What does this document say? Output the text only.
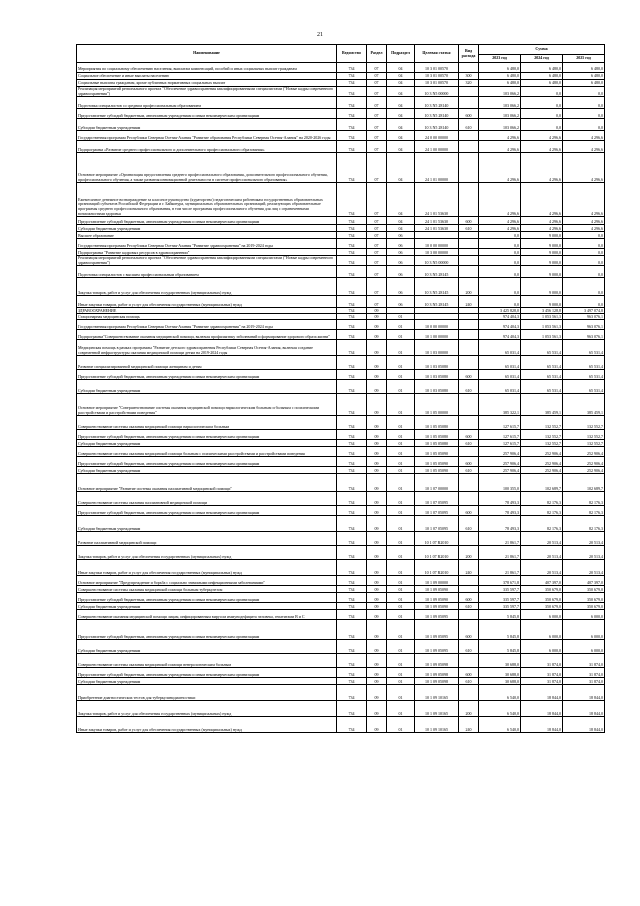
21
Наименование	Ведомство	Раздел	Подраздел	Целевая статья	Вид расхода	Сумма		
						2023 год	2024 год	2025 год
Мероприятия по социальному обеспечению населения, выплатам компенсаций, пособий и иных социальных выплат гражданам	734	07	04	10 3 01 00570		6 480,0	6 480,0	6 480,0
Социальное обеспечение и иные выплаты населению	734	07	04	10 3 01 00570	300	6 480,0	6 480,0	6 480,0
Социальные выплаты гражданам, кроме публичных нормативных социальных выплат	734	07	04	10 3 01 00570	320	6 480,0	6 480,0	6 480,0
Реализация мероприятий регионального проекта "Обеспечение здравоохранения квалифицированными специалистами ("Новые кадры современного здравоохранения")	734	07	04	10 3 N5 00000		103 066,2	0,0	0,0
Подготовка специалистов со средним профессиональным образованием	734	07	04	10 3 N5 28140		103 066,2	0,0	0,0
Предоставление субсидий бюджетным, автономным учреждениям и иным некоммерческим организациям	734	07	04	10 3 N5 28140	600	103 066,2	0,0	0,0
Субсидии бюджетным учреждениям	734	07	04	10 3 N5 28140	610	103 066,2	0,0	0,0
Государственная программа Республики Северная Осетия-Алания "Развитие образования Республики Северная Осетия-Алания" на 2020-2026 годы	734	07	04	24 0 00 00000		4 296,6	4 296,6	4 296,6
Подпрограмма «Развитие среднего профессионального и дополнительного профессионального образования»	734	07	04	24 1 00 00000		4 296,6	4 296,6	4 296,6
Основное мероприятие «Организация предоставления среднего профессионального образования, дополнительного профессионального обучения, профессионального обучения, а также развития инновационной деятельности в системе профессионального образования»	734	07	04	24 1 01 00000		4 296,6	4 296,6	4 296,6
Ежемесячное денежное вознаграждение за классное руководство (кураторство) педагогическим работникам государственных образовательных организаций субъектов Российской Федерации и г. Байконура, муниципальных образовательных организаций, реализующих образовательные программы среднего профессионального образования, в том числе программы профессионального обучения для лиц с ограниченными возможностями здоровья	734	07	04	24 1 01 53630		4 296,6	4 296,6	4 296,6
Предоставление субсидий бюджетным, автономным учреждениям и иным некоммерческим организациям	734	07	04	24 1 01 53630	600	4 296,6	4 296,6	4 296,6
Субсидии бюджетным учреждениям	734	07	04	24 1 01 53630	610	4 296,6	4 296,6	4 296,6
Высшее образование	734	07	06			0,0	9 000,0	0,0
Государственная программа Республики Северная Осетия-Алания "Развитие здравоохранения" на 2019-2024 годы	734	07	06	10 0 00 00000		0,0	9 000,0	0,0
Подпрограмма "Развитие кадровых ресурсов в здравоохранении"	734	07	06	10 3 00 00000		0,0	9 000,0	0,0
Реализация мероприятий регионального проекта "Обеспечение здравоохранения квалифицированными специалистами ("Новые кадры современного здравоохранения")	734	07	06	10 3 N5 00000		0,0	9 000,0	0,0
Подготовка специалистов с высшим профессиональным образованием	734	07	06	10 3 N5 28145		0,0	9 000,0	0,0
Закупка товаров, работ и услуг для обеспечения государственных (муниципальных) нужд	734	07	06	10 3 N5 28145	200	0,0	9 000,0	0,0
Иные закупки товаров, работ и услуг для обеспечения государственных (муниципальных) нужд	734	07	06	10 3 N5 28145	240	0,0	9 000,0	0,0
ЗДРАВООХРАНЕНИЕ	734	09				3 425 828,0	3 456 128,8	3 497 074,8
Стационарная медицинская помощь	734	09	01			974 404,3	1 053 561,3	963 076,1
Государственная программа Республики Северная Осетия-Алания "Развитие здравоохранения" на 2019-2024 годы	734	09	01	10 0 00 00000		974 404,3	1 053 561,3	963 076,1
Подпрограмма"Совершенствование оказания медицинской помощи, включая профилактику заболеваний и формирование здорового образа жизни"	734	09	01	10 1 00 00000		974 404,3	1 053 561,3	963 076,1
Медицинская помощь в рамках программы "Развитие детского здравоохранения Республики Северная Осетия-Алания, включая создание современной инфраструктуры оказания медицинской помощи детям на 2019-2024 годы	734	09	01	10 1 03 00000		65 031,4	65 531,4	65 531,4
Развитие специализированной медицинской помощи женщинам и детям	734	09	01	10 1 03 05080		65 031,4	65 531,4	65 531,4
Предоставление субсидий бюджетным, автономным учреждениям и иным некоммерческим организациям	734	09	01	10 1 03 05080	600	65 031,4	65 531,4	65 531,4
Субсидии бюджетным учреждениям	734	09	01	10 1 03 05080	610	65 031,4	65 531,4	65 531,4
Основное мероприятие "Совершенствование системы оказания медицинской помощи наркологическим больным и больным с психическими расстройствами и расстройствами поведения"	734	09	01	10 1 05 00000		385 322,1	385 459,1	385 459,1
Совершенствование системы оказания медицинской помощи наркологическим больным	734	09	01	10 1 05 05080		127 615,7	132 552,7	132 552,7
Предоставление субсидий бюджетным, автономным учреждениям и иным некоммерческим организациям	734	09	01	10 1 05 05080	600	127 615,7	132 552,7	132 552,7
Субсидии бюджетным учреждениям	734	09	01	10 1 05 05080	610	127 615,7	132 552,7	132 552,7
Совершенствование системы оказания медицинской помощи больным с психическими расстройствами и расстройствами поведения	734	09	01	10 1 05 05090		257 906,4	252 906,4	252 906,4
Предоставление субсидий бюджетным, автономным учреждениям и иным некоммерческим организациям	734	09	01	10 1 05 05090	600	257 906,4	252 906,4	252 906,4
Субсидии бюджетным учреждениям	734	09	01	10 1 05 05090	610	257 906,4	252 906,4	252 906,4
Основное мероприятие "Развитие системы оказания паллиативной медицинской помощи"	734	09	01	10 1 07 00000		100 355,0	102 689,7	102 689,7
Совершенствование системы оказания паллиативной медицинской помощи	734	09	01	10 1 07 05095		78 493,3	82 176,3	82 176,3
Предоставление субсидий бюджетным, автономным учреждениям и иным некоммерческим организациям	734	09	01	10 1 07 05095	600	78 493,3	82 176,3	82 176,3
Субсидии бюджетным учреждениям	734	09	01	10 1 07 05095	610	78 493,3	82 176,3	82 176,3
Развитие паллиативной медицинской помощи	734	09	01	10 1 07 R2010		21 861,7	20 513,4	20 513,4
Закупка товаров, работ и услуг для обеспечения государственных (муниципальных) нужд	734	09	01	10 1 07 R2010	200	21 861,7	20 513,4	20 513,4
Иные закупки товаров, работ и услуг для обеспечения государственных (муниципальных) нужд	734	09	01	10 1 07 R2010	240	21 861,7	20 513,4	20 513,4
Основное мероприятие "Предупреждение и борьба с социально значимыми инфекционными заболеваниями"	734	09	01	10 1 09 00000		378 671,8	407 397,0	407 397,0
Совершенствование системы оказания медицинской помощи больным туберкулезом	734	09	01	10 1 09 05090		335 597,7	350 679,0	350 679,0
Предоставление субсидий бюджетным, автономным учреждениям и иным некоммерческим организациям	734	09	01	10 1 09 05090	600	335 597,7	350 679,0	350 679,0
Субсидии бюджетным учреждениям	734	09	01	10 1 09 05090	610	335 597,7	350 679,0	350 679,0
Совершенствование оказания медицинской помощи лицам, инфицированным вирусом иммунодефицита человека, гепатитами B и C	734	09	01	10 1 09 05095		5 845,8	6 000,0	6 000,0
Предоставление субсидий бюджетным, автономным учреждениям и иным некоммерческим организациям	734	09	01	10 1 09 05095	600	5 845,8	6 000,0	6 000,0
Субсидии бюджетным учреждениям	734	09	01	10 1 09 05095	610	5 845,8	6 000,0	6 000,0
Совершенствование системы оказания медицинской помощи венерологическим больным	734	09	01	10 1 09 05098		30 688,0	31 874,0	31 874,0
Предоставление субсидий бюджетным, автономным учреждениям и иным некоммерческим организациям	734	09	01	10 1 09 05098	600	30 688,0	31 874,0	31 874,0
Субсидии бюджетным учреждениям	734	09	01	10 1 09 05098	610	30 688,0	31 874,0	31 874,0
Приобретение диагностических тестов для туберкулинодиагностики	734	09	01	10 1 09 10165		6 540,0	18 844,0	18 844,0
Закупка товаров, работ и услуг для обеспечения государственных (муниципальных) нужд	734	09	01	10 1 09 10165	200	6 540,0	18 844,0	18 844,0
Иные закупки товаров, работ и услуг для обеспечения государственных (муниципальных) нужд	734	09	01	10 1 09 10165	240	6 540,0	18 844,0	18 844,0
